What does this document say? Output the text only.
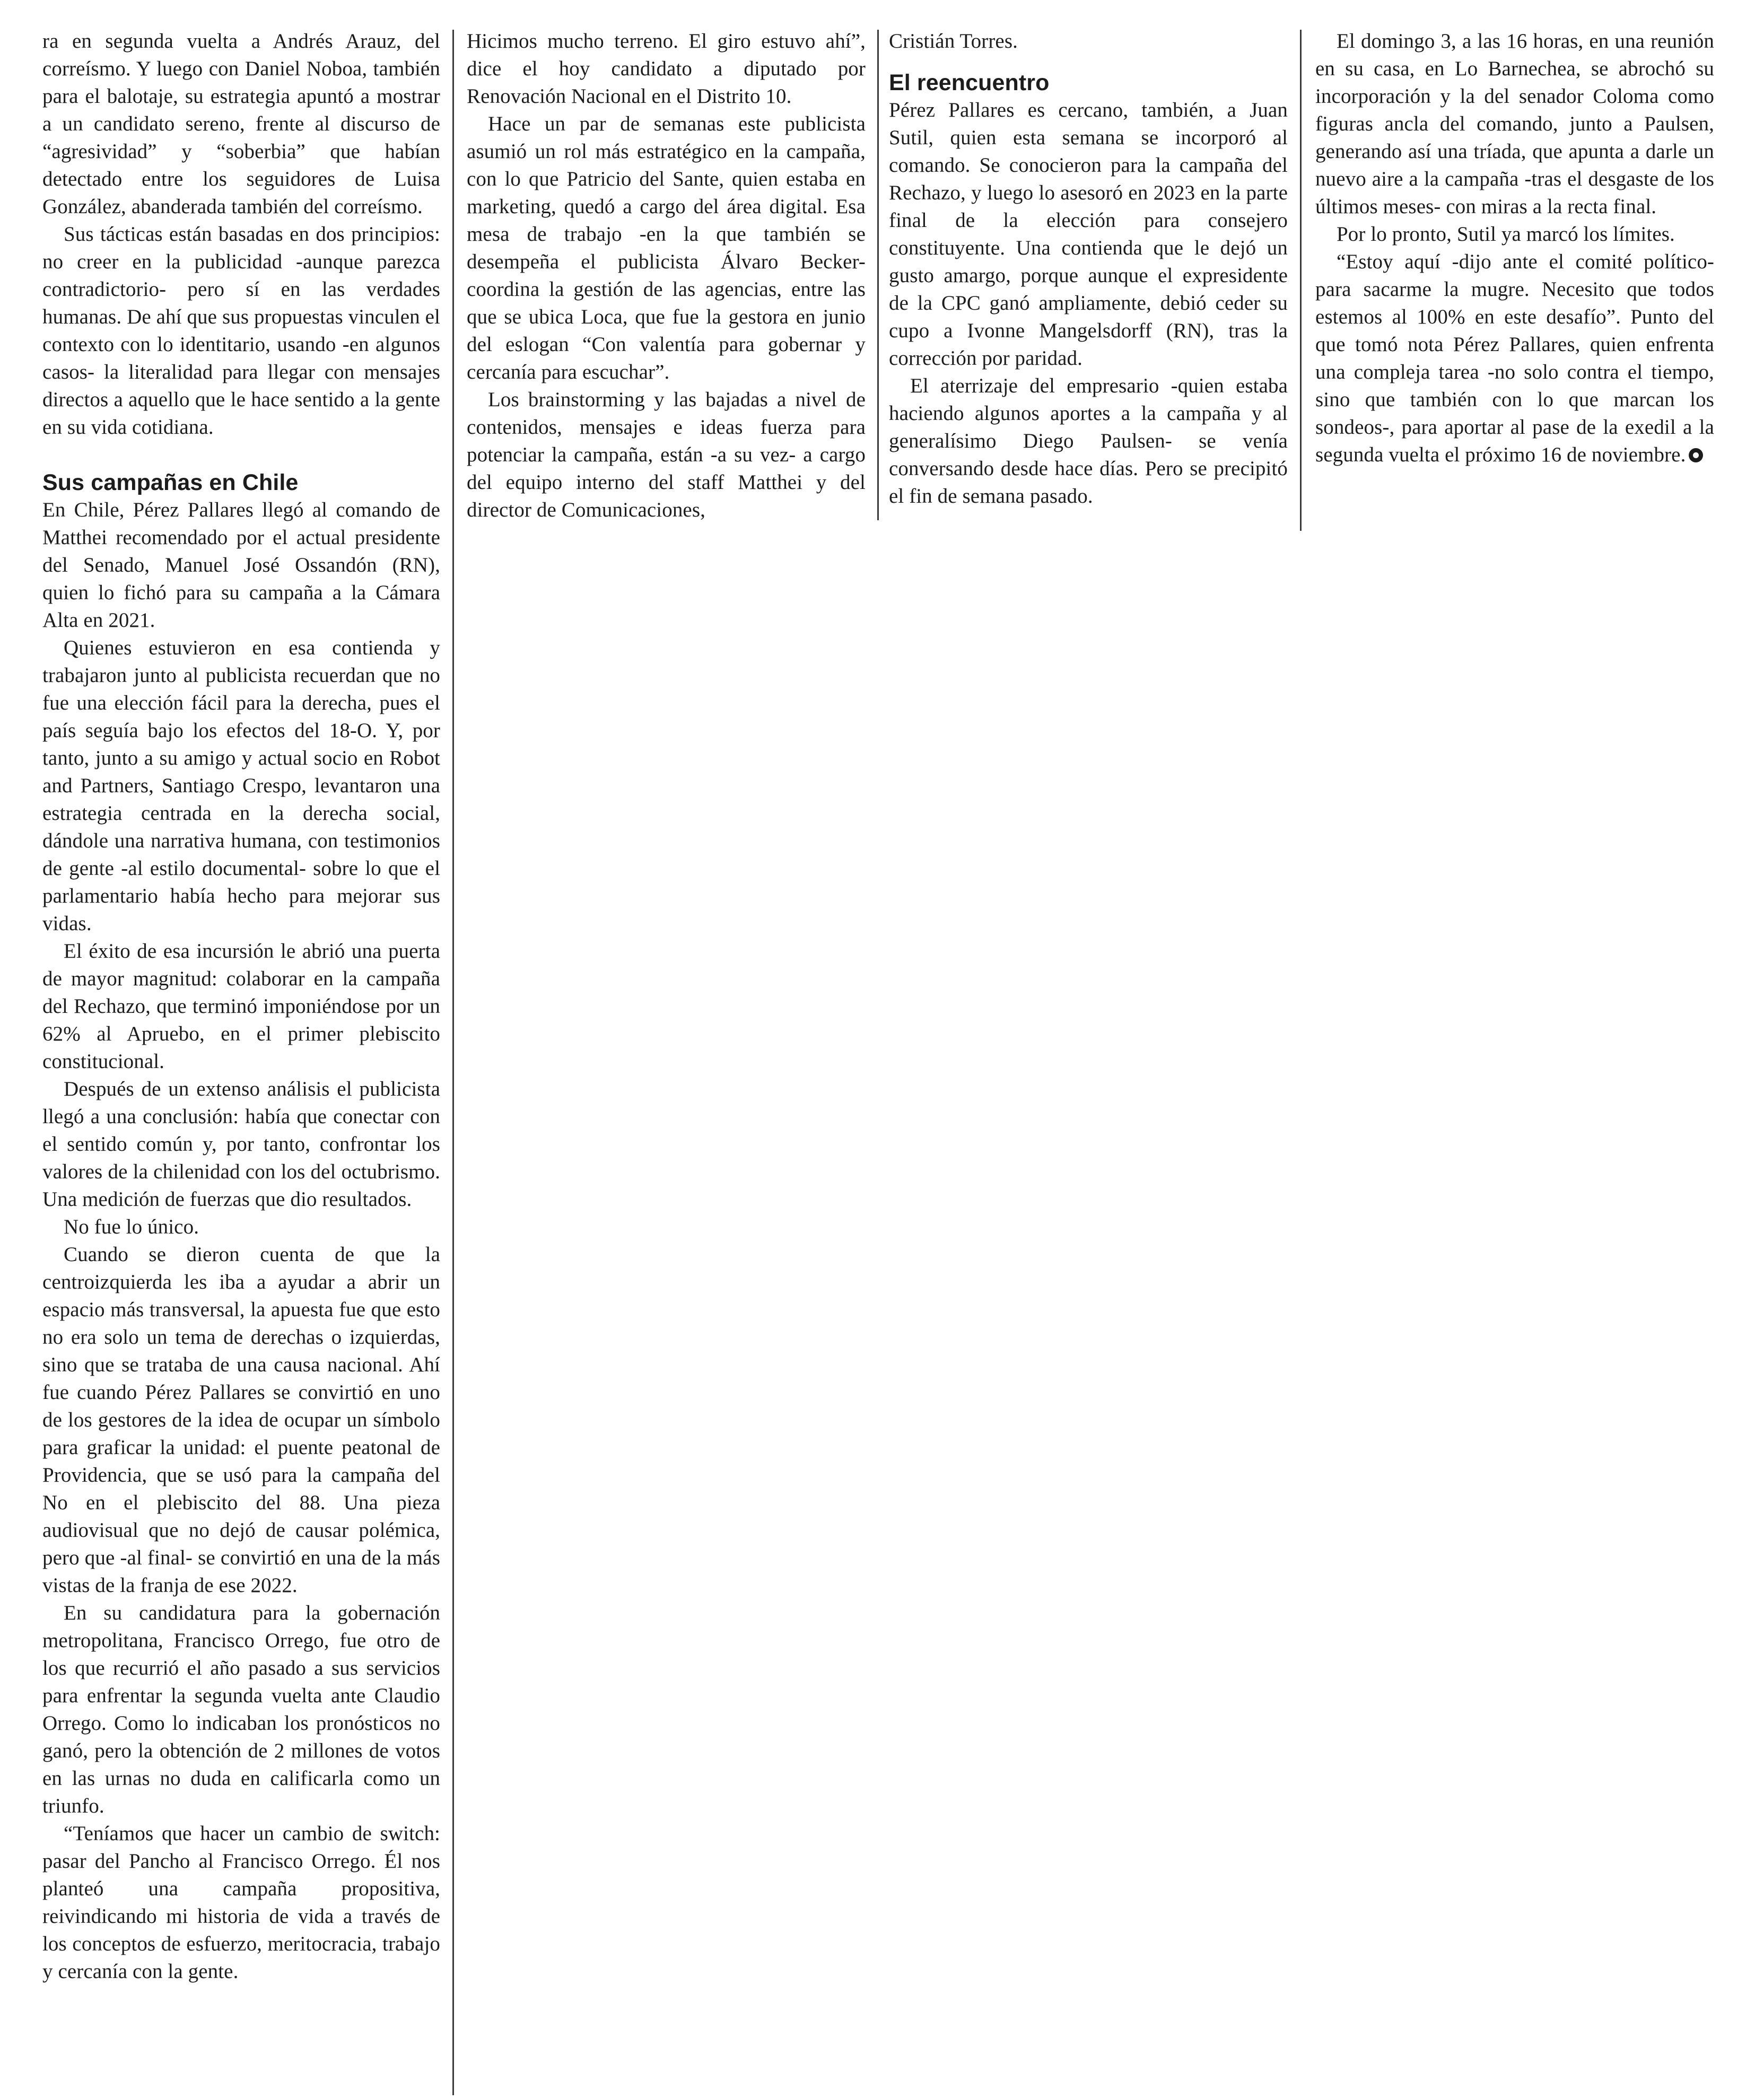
ra en segunda vuelta a Andrés Arauz, del correísmo. Y luego con Daniel Noboa, también para el balotaje, su estrategia apuntó a mostrar a un candidato sereno, frente al discurso de “agresividad” y “soberbia” que habían detectado entre los seguidores de Luisa González, abanderada también del correísmo.

Sus tácticas están basadas en dos principios: no creer en la publicidad -aunque parezca contradictorio- pero sí en las verdades humanas. De ahí que sus propuestas vinculen el contexto con lo identitario, usando -en algunos casos- la literalidad para llegar con mensajes directos a aquello que le hace sentido a la gente en su vida cotidiana.

Sus campañas en Chile

En Chile, Pérez Pallares llegó al comando de Matthei recomendado por el actual presidente del Senado, Manuel José Ossandón (RN), quien lo fichó para su campaña a la Cámara Alta en 2021.

Quienes estuvieron en esa contienda y trabajaron junto al publicista recuerdan que no fue una elección fácil para la derecha, pues el país seguía bajo los efectos del 18-O. Y, por tanto, junto a su amigo y actual socio en Robot and Partners, Santiago Crespo, levantaron una estrategia centrada en la derecha social, dándole una narrativa humana, con testimonios de gente -al estilo documental- sobre lo que el parlamentario había hecho para mejorar sus vidas.

El éxito de esa incursión le abrió una puerta de mayor magnitud: colaborar en la campaña del Rechazo, que terminó imponiéndose por un 62% al Apruebo, en el primer plebiscito constitucional.

Después de un extenso análisis el publicista llegó a una conclusión: había que conectar con el sentido común y, por tanto, confrontar los valores de la chilenidad con los del octubrismo. Una medición de fuerzas que dio resultados.

No fue lo único.

Cuando se dieron cuenta de que la centroizquierda les iba a ayudar a abrir un espacio más transversal, la apuesta fue que esto no era solo un tema de derechas o izquierdas, sino que se trataba de una causa nacional. Ahí fue cuando Pérez Pallares se convirtió en uno de los gestores de la idea de ocupar un símbolo para graficar la unidad: el puente peatonal de Providencia, que se usó para la campaña del No en el plebiscito del 88. Una pieza audiovisual que no dejó de causar polémica, pero que -al final- se convirtió en una de la más vistas de la franja de ese 2022.

En su candidatura para la gobernación metropolitana, Francisco Orrego, fue otro de los que recurrió el año pasado a sus servicios para enfrentar la segunda vuelta ante Claudio Orrego. Como lo indicaban los pronósticos no ganó, pero la obtención de 2 millones de votos en las urnas no duda en calificarla como un triunfo.

“Teníamos que hacer un cambio de switch: pasar del Pancho al Francisco Orrego. Él nos planteó una campaña propositiva, reivindicando mi historia de vida a través de los conceptos de esfuerzo, meritocracia, trabajo y cercanía con la gente.

Hicimos mucho terreno. El giro estuvo ahí”, dice el hoy candidato a diputado por Renovación Nacional en el Distrito 10.

Hace un par de semanas este publicista asumió un rol más estratégico en la campaña, con lo que Patricio del Sante, quien estaba en marketing, quedó a cargo del área digital. Esa mesa de trabajo -en la que también se desempeña el publicista Álvaro Becker- coordina la gestión de las agencias, entre las que se ubica Loca, que fue la gestora en junio del eslogan “Con valentía para gobernar y cercanía para escuchar”.

Los brainstorming y las bajadas a nivel de contenidos, mensajes e ideas fuerza para potenciar la campaña, están -a su vez- a cargo del equipo interno del staff Matthei y del director de Comunicaciones,

Cristián Torres.

El reencuentro

Pérez Pallares es cercano, también, a Juan Sutil, quien esta semana se incorporó al comando. Se conocieron para la campaña del Rechazo, y luego lo asesoró en 2023 en la parte final de la elección para consejero constituyente. Una contienda que le dejó un gusto amargo, porque aunque el expresidente de la CPC ganó ampliamente, debió ceder su cupo a Ivonne Mangelsdorff (RN), tras la corrección por paridad.

El aterrizaje del empresario -quien estaba haciendo algunos aportes a la campaña y al generalísimo Diego Paulsen- se venía conversando desde hace días. Pero se precipitó el fin de semana pasado.

El domingo 3, a las 16 horas, en una reunión en su casa, en Lo Barnechea, se abrochó su incorporación y la del senador Coloma como figuras ancla del comando, junto a Paulsen, generando así una tríada, que apunta a darle un nuevo aire a la campaña -tras el desgaste de los últimos meses- con miras a la recta final.

Por lo pronto, Sutil ya marcó los límites.

“Estoy aquí -dijo ante el comité político- para sacarme la mugre. Necesito que todos estemos al 100% en este desafío”. Punto del que tomó nota Pérez Pallares, quien enfrenta una compleja tarea -no solo contra el tiempo, sino que también con lo que marcan los sondeos-, para aportar al pase de la exedil a la segunda vuelta el próximo 16 de noviembre.
